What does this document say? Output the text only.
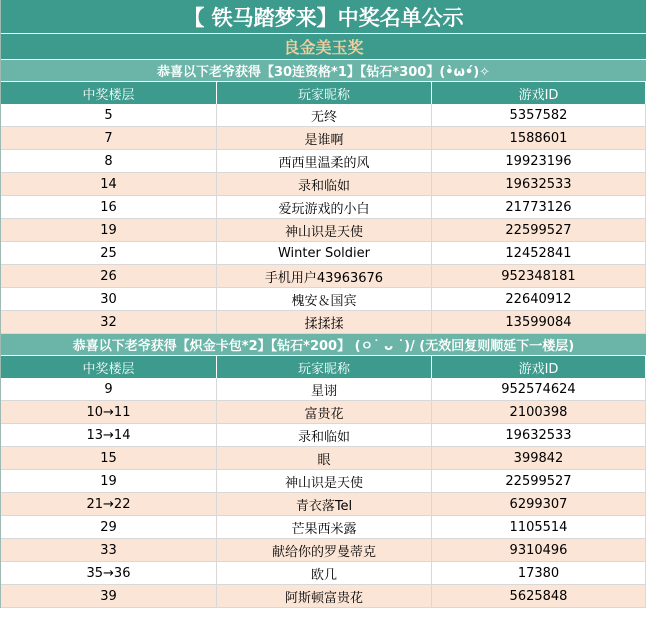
【 铁马踏梦来】中奖名单公示
良金美玉奖
恭喜以下老爷获得【30连资格*1】【钻石*300】(•̀ω•́)✧
中奖楼层	玩家昵称	游戏ID
5	无终	5357582
7	是谁啊	1588601
8	西西里温柔的风	19923196
14	录和临如	19632533
16	爱玩游戏的小白	21773126
19	神山识是天使	22599527
25	Winter Soldier	12452841
26	手机用户43963676	952348181
30	槐安＆国宾	22640912
32	揉揉揉	13599084
恭喜以下老爷获得【炽金卡包*2】【钻石*200】 (ㅇ˙ ᴗ ˙)/ (无效回复则顺延下一楼层)
中奖楼层	玩家昵称	游戏ID
9	星诩	952574624
10→11	富贵花	2100398
13→14	录和临如	19632533
15	眼	399842
19	神山识是天使	22599527
21→22	青衣落Tel	6299307
29	芒果西米露	1105514
33	献给你的罗曼蒂克	9310496
35→36	欧几	17380
39	阿斯顿富贵花	5625848
